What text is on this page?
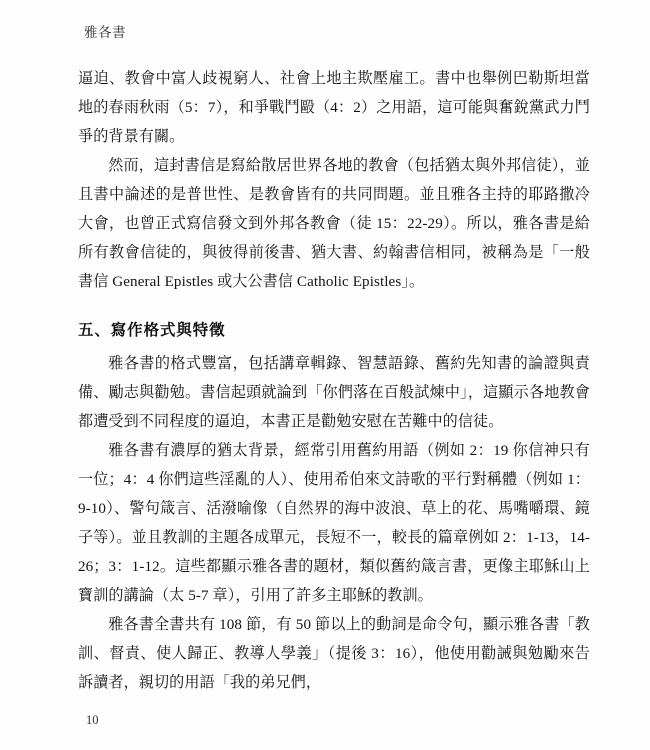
雅各書

逼迫、教會中富人歧視窮人、社會上地主欺壓雇工。書中也舉例巴勒斯坦當地的春雨秋雨（5：7），和爭戰鬥毆（4：2）之用語，這可能與奮銳黨武力鬥爭的背景有關。

然而，這封書信是寫給散居世界各地的教會（包括猶太與外邦信徒），並且書中論述的是普世性、是教會皆有的共同問題。並且雅各主持的耶路撒冷大會，也曾正式寫信發文到外邦各教會（徒 15：22-29）。所以，雅各書是給所有教會信徒的，與彼得前後書、猶大書、約翰書信相同，被稱為是「一般書信 General Epistles 或大公書信 Catholic Epistles」。

五、寫作格式與特徵

雅各書的格式豐富，包括講章輯錄、智慧語錄、舊約先知書的論證與責備、勵志與勸勉。書信起頭就論到「你們落在百般試煉中」，這顯示各地教會都遭受到不同程度的逼迫，本書正是勸勉安慰在苦難中的信徒。

雅各書有濃厚的猶太背景，經常引用舊約用語（例如 2：19 你信神只有一位；4：4 你們這些淫亂的人）、使用希伯來文詩歌的平行對稱體（例如 1：9-10）、警句箴言、活潑喻像（自然界的海中波浪、草上的花、馬嘴嚼環、鏡子等）。並且教訓的主題各成單元，長短不一，較長的篇章例如 2：1-13，14-26；3：1-12。這些都顯示雅各書的題材，類似舊約箴言書，更像主耶穌山上寶訓的講論（太 5-7 章），引用了許多主耶穌的教訓。

雅各書全書共有 108 節，有 50 節以上的動詞是命令句，顯示雅各書「教訓、督責、使人歸正、教導人學義」（提後 3：16），他使用勸誡與勉勵來告訴讀者，親切的用語「我的弟兄們，

10
